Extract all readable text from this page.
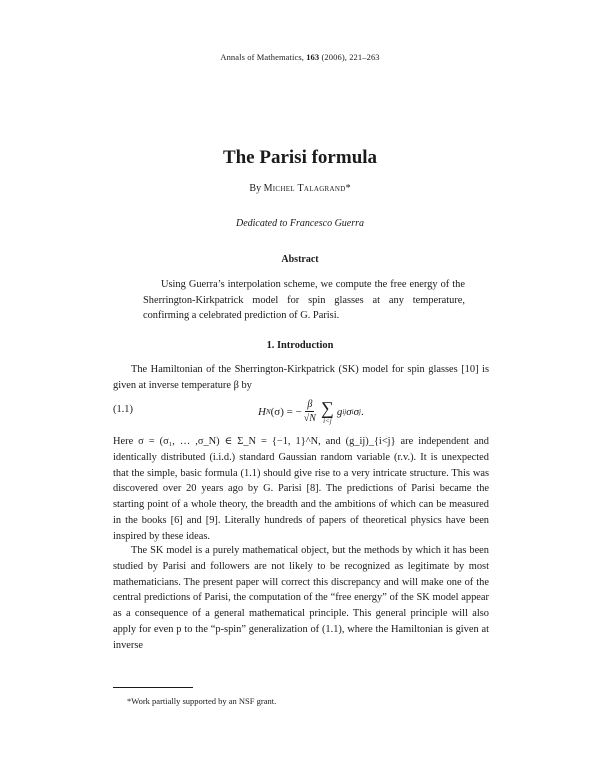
Annals of Mathematics, 163 (2006), 221–263
The Parisi formula
By Michel Talagrand*
Dedicated to Francesco Guerra
Abstract

Using Guerra’s interpolation scheme, we compute the free energy of the Sherrington-Kirkpatrick model for spin glasses at any temperature, confirming a celebrated prediction of G. Parisi.

1. Introduction

The Hamiltonian of the Sherrington-Kirkpatrick (SK) model for spin glasses [10] is given at inverse temperature β by

(1.1)	H N (σ) = − $\frac{\beta}{√N}$ ∑
i<j
g ij σ i σ j .

Here σ = (σ₁, … ,σ_N) ∈ Σ_N = {−1, 1}^N, and (g_ij)_{i<j} are independent and identically distributed (i.i.d.) standard Gaussian random variable (r.v.). It is unexpected that the simple, basic formula (1.1) should give rise to a very intricate structure. This was discovered over 20 years ago by G. Parisi [8]. The predictions of Parisi became the starting point of a whole theory, the breadth and the ambitions of which can be measured in the books [6] and [9]. Literally hundreds of papers of theoretical physics have been inspired by these ideas.

The SK model is a purely mathematical object, but the methods by which it has been studied by Parisi and followers are not likely to be recognized as legitimate by most mathematicians. The present paper will correct this discrepancy and will make one of the central predictions of Parisi, the computation of the “free energy” of the SK model appear as a consequence of a general mathematical principle. This general principle will also apply for even p to the “p-spin” generalization of (1.1), where the Hamiltonian is given at inverse

*Work partially supported by an NSF grant.
